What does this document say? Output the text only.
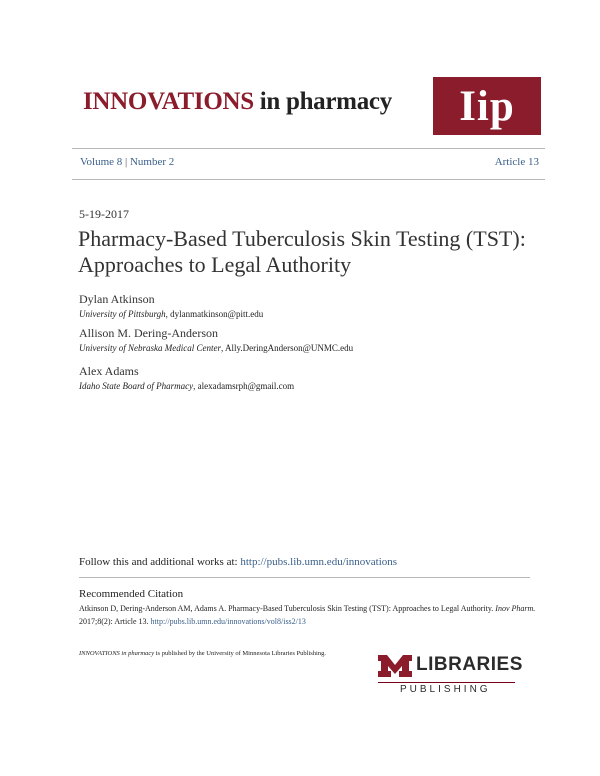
INNOVATIONS in pharmacy Iip
Volume 8 | Number 2	Article 13
5-19-2017
Pharmacy-Based Tuberculosis Skin Testing (TST): Approaches to Legal Authority
Dylan Atkinson
University of Pittsburgh, dylanmatkinson@pitt.edu
Allison M. Dering-Anderson
University of Nebraska Medical Center, Ally.DeringAnderson@UNMC.edu
Alex Adams
Idaho State Board of Pharmacy, alexadamsrph@gmail.com
Follow this and additional works at: http://pubs.lib.umn.edu/innovations
Recommended Citation
Atkinson D, Dering-Anderson AM, Adams A. Pharmacy-Based Tuberculosis Skin Testing (TST): Approaches to Legal Authority. Inov Pharm. 2017;8(2): Article 13. http://pubs.lib.umn.edu/innovations/vol8/iss2/13
INNOVATIONS in pharmacy is published by the University of Minnesota Libraries Publishing.
LIBRARIES
PUBLISHING
